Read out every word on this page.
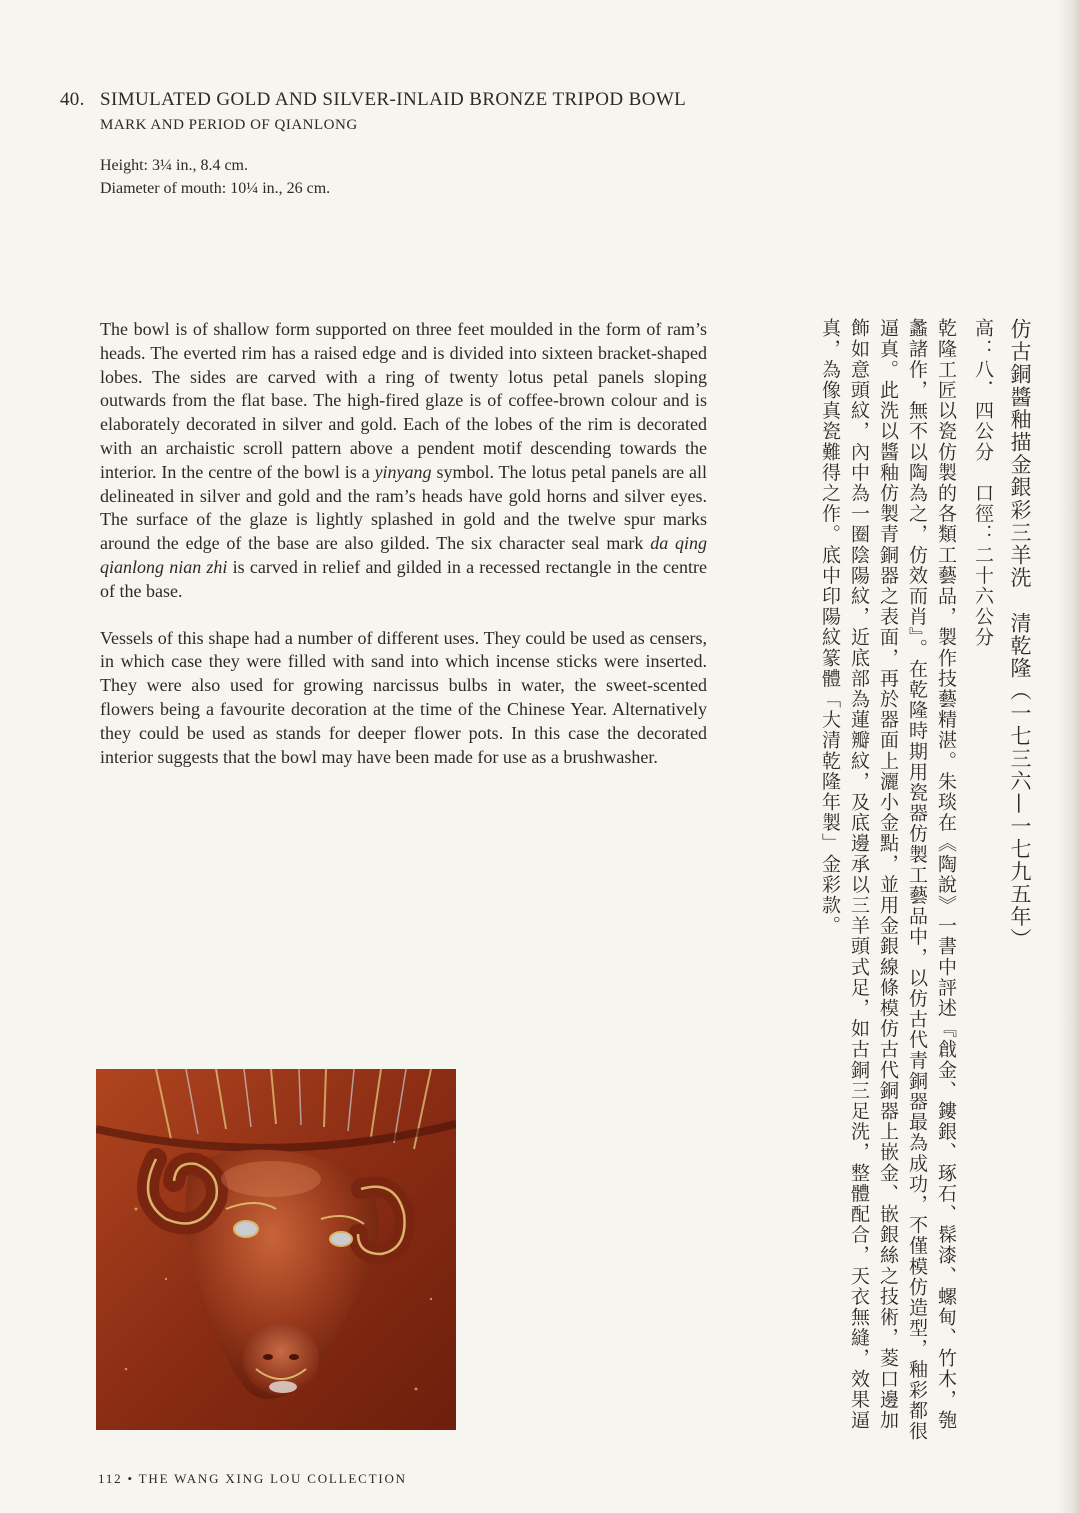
40. SIMULATED GOLD AND SILVER-INLAID BRONZE TRIPOD BOWL
MARK AND PERIOD OF QIANLONG
Height: 3¼ in., 8.4 cm.
Diameter of mouth: 10¼ in., 26 cm.

The bowl is of shallow form supported on three feet moulded in the form of ram’s heads. The everted rim has a raised edge and is divided into sixteen bracket-shaped lobes. The sides are carved with a ring of twenty lotus petal panels sloping outwards from the flat base. The high-fired glaze is of coffee-brown colour and is elaborately decorated in silver and gold. Each of the lobes of the rim is decorated with an archaistic scroll pattern above a pendent motif descending towards the interior. In the centre of the bowl is a yinyang symbol. The lotus petal panels are all delineated in silver and gold and the ram’s heads have gold horns and silver eyes. The surface of the glaze is lightly splashed in gold and the twelve spur marks around the edge of the base are also gilded. The six character seal mark da qing qianlong nian zhi is carved in relief and gilded in a recessed rectangle in the centre of the base.

Vessels of this shape had a number of different uses. They could be used as censers, in which case they were filled with sand into which incense sticks were inserted. They were also used for growing narcissus bulbs in water, the sweet-scented flowers being a favourite decoration at the time of the Chinese Year. Alternatively they could be used as stands for deeper flower pots. In this case the decorated interior suggests that the bowl may have been made for use as a brushwasher.	仿古銅醬釉描金銀彩三羊洗　清乾隆（一七三六—一七九五年）

高：八．四公分　口徑：二十六公分

乾隆工匠以瓷仿製的各類工藝品，製作技藝精湛。朱琰在《陶說》一書中評述『戧金、鏤銀、琢石、髹漆、螺甸、竹木，匏蠡諸作，無不以陶為之，仿效而肖』。在乾隆時期用瓷器仿製工藝品中，以仿古代青銅器最為成功，不僅模仿造型，釉彩都很逼真。此洗以醬釉仿製青銅器之表面，再於器面上灑小金點，並用金銀線條模仿古代銅器上嵌金、嵌銀絲之技術，菱口邊加飾如意頭紋，內中為一圈陰陽紋，近底部為蓮瓣紋，及底邊承以三羊頭式足，如古銅三足洗，整體配合，天衣無縫，效果逼真，為像真瓷難得之作。底中印陽紋篆體「大清乾隆年製」金彩款。

112 • THE WANG XING LOU COLLECTION
